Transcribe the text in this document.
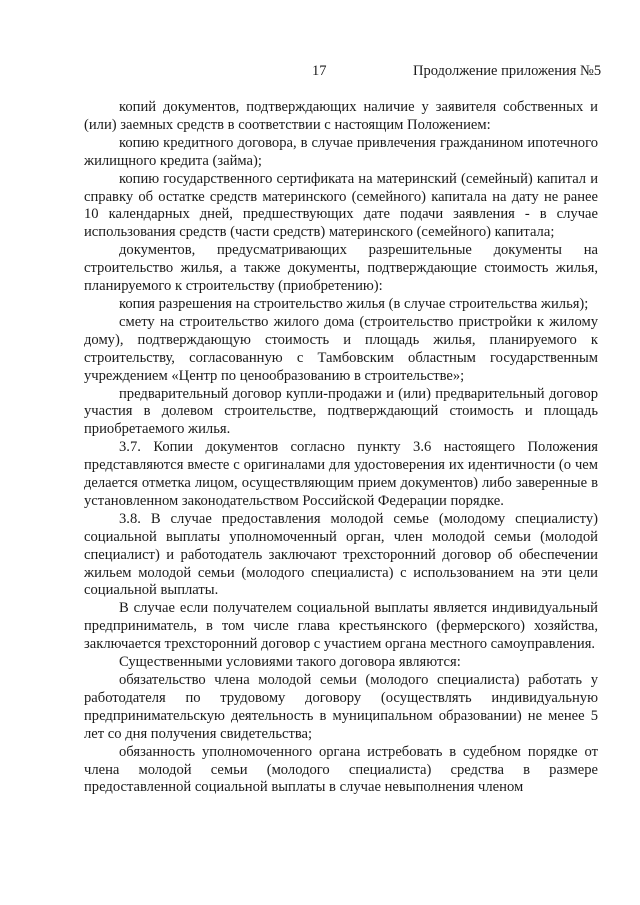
17	Продолжение приложения №5

копий документов, подтверждающих наличие у заявителя собственных и (или) заемных средств в соответствии с настоящим Положением:

копию кредитного договора, в случае привлечения гражданином ипотечного жилищного кредита (займа);

копию государственного сертификата на материнский (семейный) капитал и справку об остатке средств материнского (семейного) капитала на дату не ранее 10 календарных дней, предшествующих дате подачи заявления - в случае использования средств (части средств) материнского (семейного) капитала;

документов, предусматривающих разрешительные документы на строительство жилья, а также документы, подтверждающие стоимость жилья, планируемого к строительству (приобретению):

копия разрешения на строительство жилья (в случае строительства жилья);

смету на строительство жилого дома (строительство пристройки к жилому дому), подтверждающую стоимость и площадь жилья, планируемого к строительству, согласованную с Тамбовским областным государственным учреждением «Центр по ценообразованию в строительстве»;

предварительный договор купли-продажи и (или) предварительный договор участия в долевом строительстве, подтверждающий стоимость и площадь приобретаемого жилья.

3.7. Копии документов согласно пункту 3.6 настоящего Положения представляются вместе с оригиналами для удостоверения их идентичности (о чем делается отметка лицом, осуществляющим прием документов) либо заверенные в установленном законодательством Российской Федерации порядке.

3.8. В случае предоставления молодой семье (молодому специалисту) социальной выплаты уполномоченный орган, член молодой семьи (молодой специалист) и работодатель заключают трехсторонний договор об обеспечении жильем молодой семьи (молодого специалиста) с использованием на эти цели социальной выплаты.

В случае если получателем социальной выплаты является индивидуальный предприниматель, в том числе глава крестьянского (фермерского) хозяйства, заключается трехсторонний договор с участием органа местного самоуправления.

Существенными условиями такого договора являются:

обязательство члена молодой семьи (молодого специалиста) работать у работодателя по трудовому договору (осуществлять индивидуальную предпринимательскую деятельность в муниципальном образовании) не менее 5 лет со дня получения свидетельства;

обязанность уполномоченного органа истребовать в судебном порядке от члена молодой семьи (молодого специалиста) средства в размере предоставленной социальной выплаты в случае невыполнения членом
